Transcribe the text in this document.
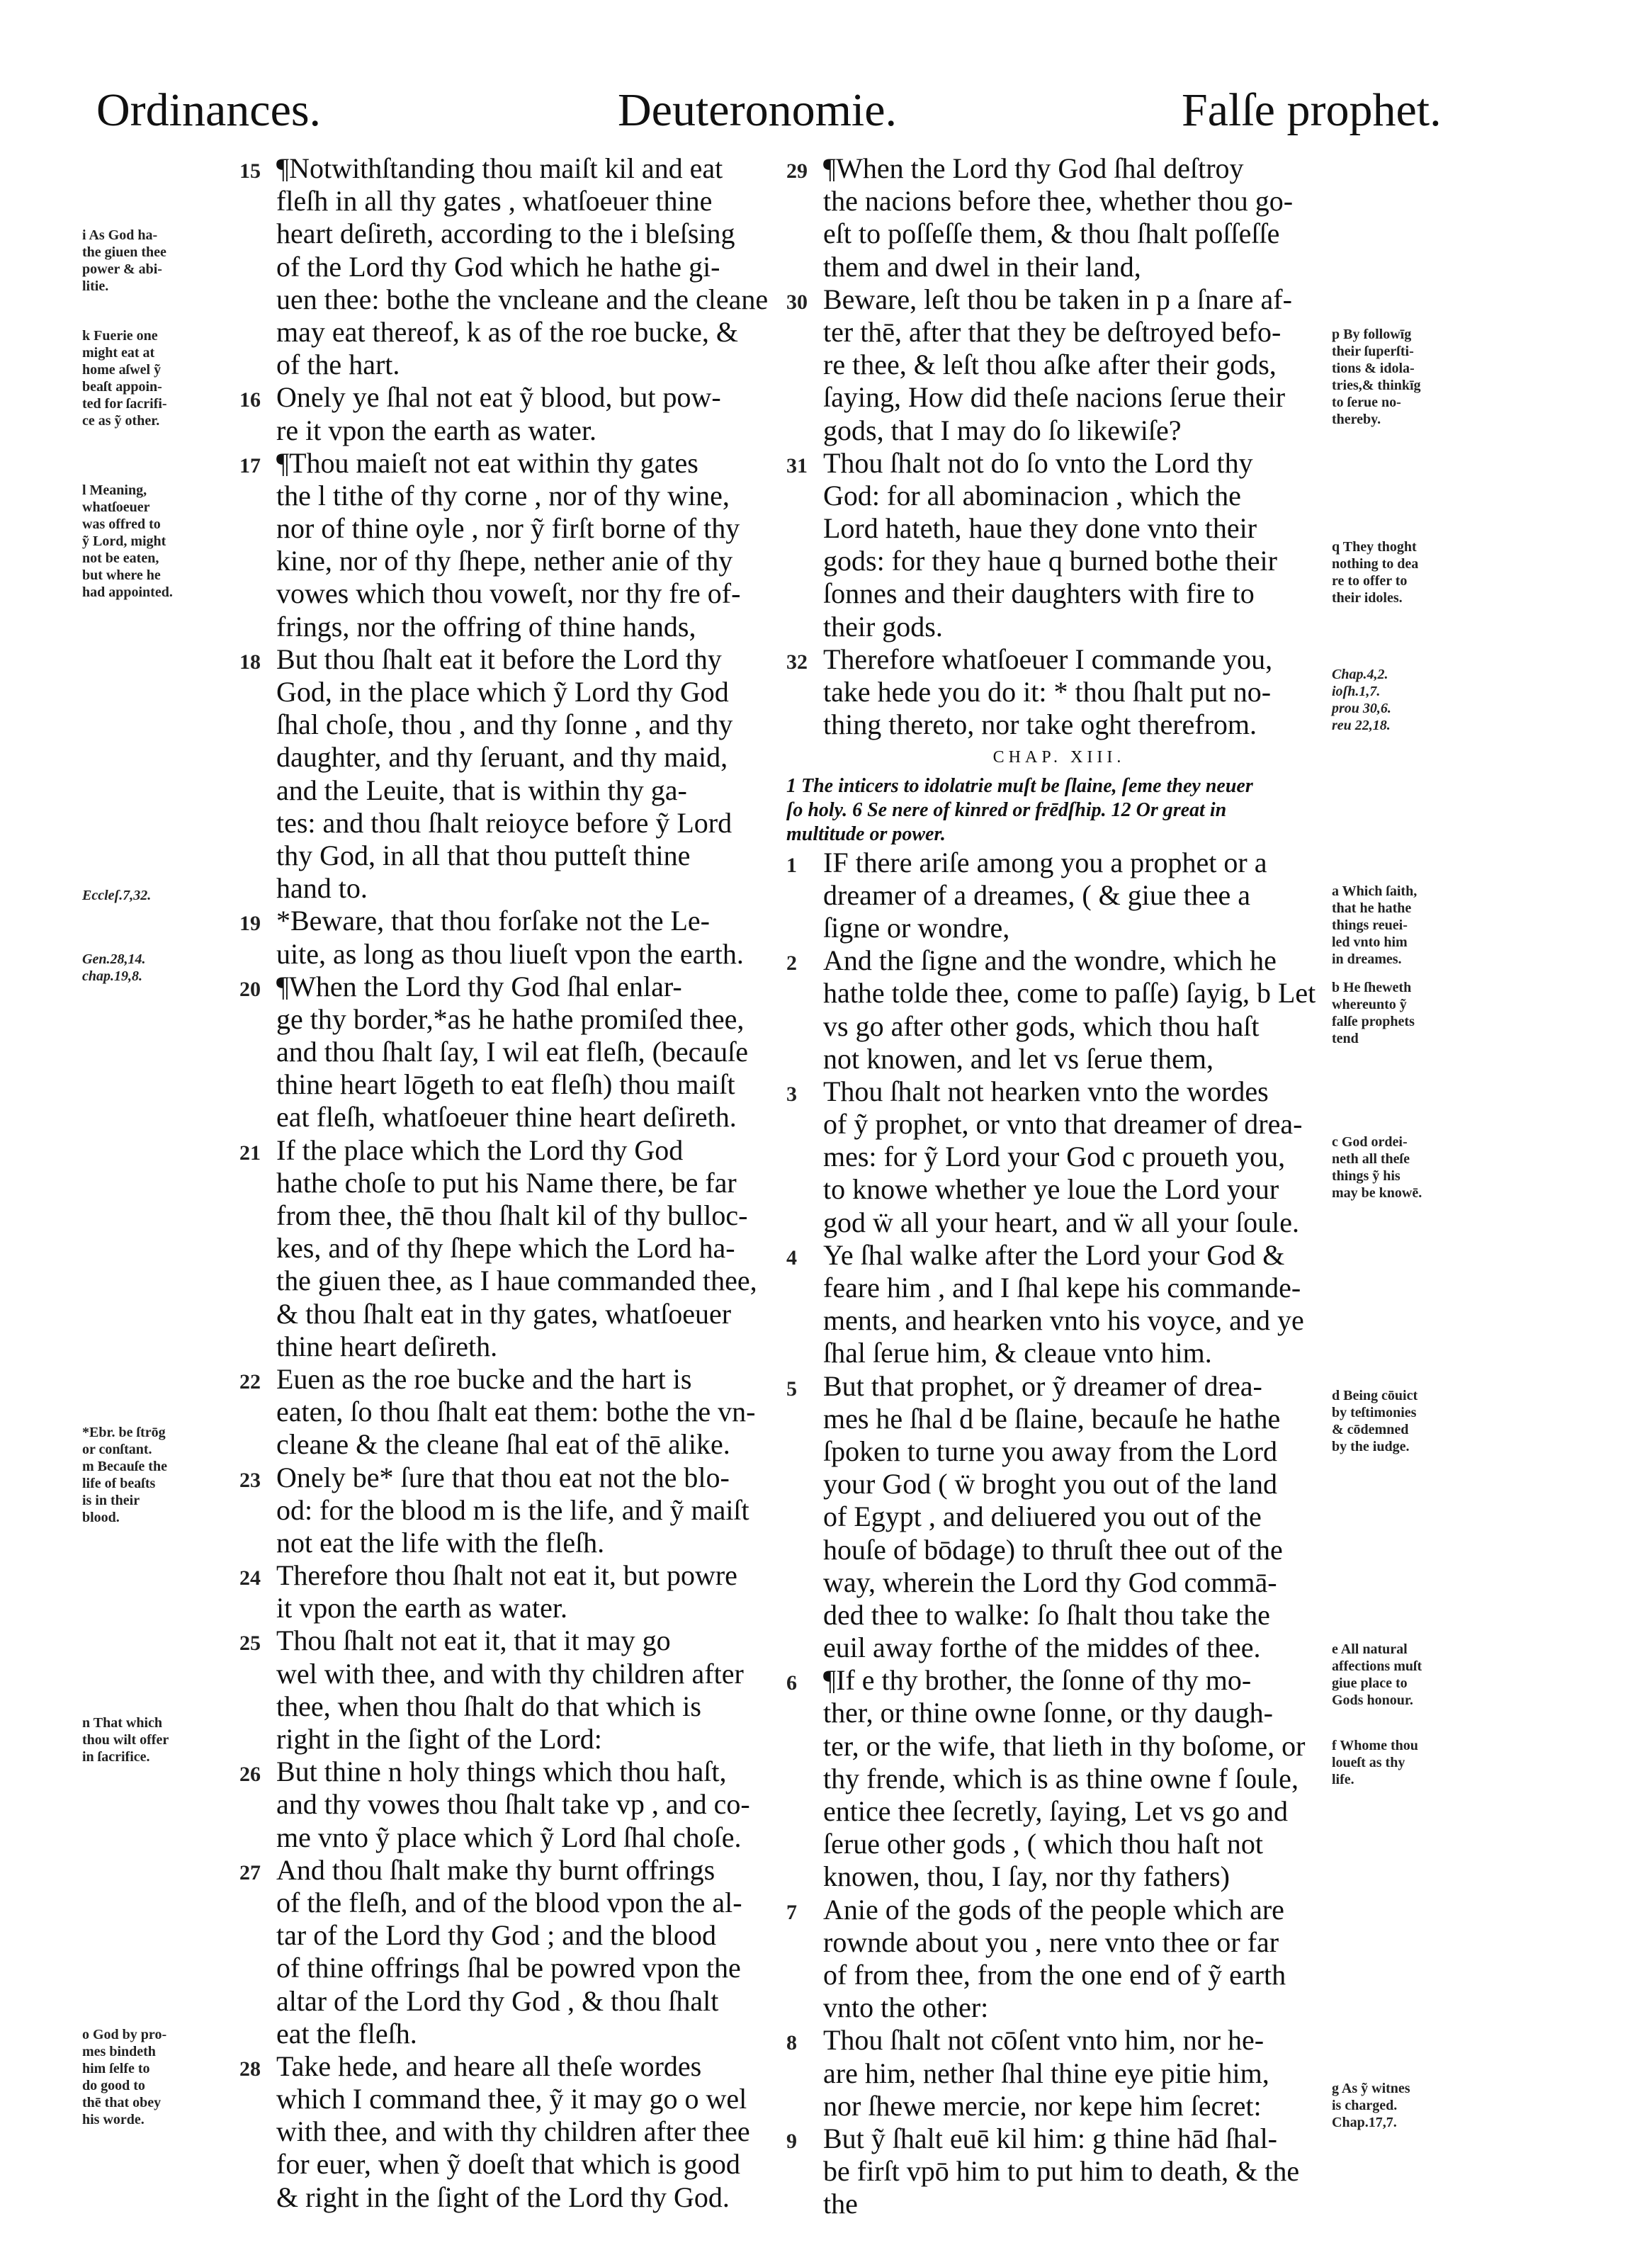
Ordinances.	Deuteronomie.	Falſe prophet.
i As God ha-
the giuen thee
power & abi-
litie.
k Fuerie one
might eat at
home aſwel ỹ
beaſt appoin-
ted for ſacrifi-
ce as ỹ other.
l Meaning,
whatſoeuer
was offred to
ỹ Lord, might
not be eaten,
but where he
had appointed.
Eccleſ.7,32.
Gen.28,14.
chap.19,8.
*Ebr. be ſtrōg
or conſtant.
m Becauſe the
life of beaſts
is in their
blood.
n That which
thou wilt offer
in ſacrifice.
o God by pro-
mes bindeth
him ſelfe to
do good to
thē that obey
his worde.
p By followīg
their ſuperſti-
tions & idola-
tries,& thinkīg
to ſerue no-
thereby.
q They thoght
nothing to dea
re to offer to
their idoles.
Chap.4,2.
ioſh.1,7.
prou 30,6.
reu 22,18.
a Which ſaith,
that he hathe
things reuei-
led vnto him
in dreames.
b He ſheweth
whereunto ỹ
falſe prophets
tend
c God ordei-
neth all theſe
things ỹ his
may be knowē.
d Being cōuict
by teſtimonies
& cōdemned
by the iudge.
e All natural
affections muſt
giue place to
Gods honour.
f Whome thou
loueſt as thy
life.
g As ỹ witnes
is charged.
Chap.17,7.
15 ¶Notwithſtanding thou maiſt kil and eat
fleſh in all thy gates , whatſoeuer thine
heart deſireth, according to the i bleſsing
of the Lord thy God which he hathe gi-
uen thee: bothe the vncleane and the cleane
may eat thereof, k as of the roe bucke, &
of the hart.
16 Onely ye ſhal not eat ỹ blood, but pow-
re it vpon the earth as water.
17 ¶Thou maieſt not eat within thy gates
the l tithe of thy corne , nor of thy wine,
nor of thine oyle , nor ỹ firſt borne of thy
kine, nor of thy ſhepe, nether anie of thy
vowes which thou voweſt, nor thy fre of-
frings, nor the offring of thine hands,
18 But thou ſhalt eat it before the Lord thy
God, in the place which ỹ Lord thy God
ſhal choſe, thou , and thy ſonne , and thy
daughter, and thy ſeruant, and thy maid,
and the Leuite, that is within thy ga-
tes: and thou ſhalt reioyce before ỹ Lord
thy God, in all that thou putteſt thine
hand to.
19 *Beware, that thou forſake not the Le-
uite, as long as thou liueſt vpon the earth.
20 ¶When the Lord thy God ſhal enlar-
ge thy border,*as he hathe promiſed thee,
and thou ſhalt ſay, I wil eat fleſh, (becauſe
thine heart lōgeth to eat fleſh) thou maiſt
eat fleſh, whatſoeuer thine heart deſireth.
21 If the place which the Lord thy God
hathe choſe to put his Name there, be far
from thee, thē thou ſhalt kil of thy bulloc-
kes, and of thy ſhepe which the Lord ha-
the giuen thee, as I haue commanded thee,
& thou ſhalt eat in thy gates, whatſoeuer
thine heart deſireth.
22 Euen as the roe bucke and the hart is
eaten, ſo thou ſhalt eat them: bothe the vn-
cleane & the cleane ſhal eat of thē alike.
23 Onely be* ſure that thou eat not the blo-
od: for the blood m is the life, and ỹ maiſt
not eat the life with the fleſh.
24 Therefore thou ſhalt not eat it, but powre
it vpon the earth as water.
25 Thou ſhalt not eat it, that it may go
wel with thee, and with thy children after
thee, when thou ſhalt do that which is
right in the ſight of the Lord:
26 But thine n holy things which thou haſt,
and thy vowes thou ſhalt take vp , and co-
me vnto ỹ place which ỹ Lord ſhal choſe.
27 And thou ſhalt make thy burnt offrings
of the fleſh, and of the blood vpon the al-
tar of the Lord thy God ; and the blood
of thine offrings ſhal be powred vpon the
altar of the Lord thy God , & thou ſhalt
eat the fleſh.
28 Take hede, and heare all theſe wordes
which I command thee, ỹ it may go o wel
with thee, and with thy children after thee
for euer, when ỹ doeſt that which is good
& right in the ſight of the Lord thy God.
29 ¶When the Lord thy God ſhal deſtroy
the nacions before thee, whether thou go-
eſt to poſſeſſe them, & thou ſhalt poſſeſſe
them and dwel in their land,
30 Beware, leſt thou be taken in p a ſnare af-
ter thē, after that they be deſtroyed befo-
re thee, & leſt thou aſke after their gods,
ſaying, How did theſe nacions ſerue their
gods, that I may do ſo likewiſe?
31 Thou ſhalt not do ſo vnto the Lord thy
God: for all abominacion , which the
Lord hateth, haue they done vnto their
gods: for they haue q burned bothe their
ſonnes and their daughters with fire to
their gods.
32 Therefore whatſoeuer I commande you,
take hede you do it: * thou ſhalt put no-
thing thereto, nor take oght therefrom.
CHAP. XIII.
1 The inticers to idolatrie muſt be ſlaine, ſeme they neuer
ſo holy. 6 Se nere of kinred or frēdſhip. 12 Or great in
multitude or power.
1 IF there ariſe among you a prophet or a
dreamer of a dreames, ( & giue thee a
ſigne or wondre,
2 And the ſigne and the wondre, which he
hathe tolde thee, come to paſſe) ſayig, b Let
vs go after other gods, which thou haſt
not knowen, and let vs ſerue them,
3 Thou ſhalt not hearken vnto the wordes
of ỹ prophet, or vnto that dreamer of drea-
mes: for ỹ Lord your God c proueth you,
to knowe whether ye loue the Lord your
god ẅ all your heart, and ẅ all your ſoule.
4 Ye ſhal walke after the Lord your God &
feare him , and I ſhal kepe his commande-
ments, and hearken vnto his voyce, and ye
ſhal ſerue him, & cleaue vnto him.
5 But that prophet, or ỹ dreamer of drea-
mes he ſhal d be ſlaine, becauſe he hathe
ſpoken to turne you away from the Lord
your God ( ẅ broght you out of the land
of Egypt , and deliuered you out of the
houſe of bōdage) to thruſt thee out of the
way, wherein the Lord thy God commā-
ded thee to walke: ſo ſhalt thou take the
euil away forthe of the middes of thee.
6 ¶If e thy brother, the ſonne of thy mo-
ther, or thine owne ſonne, or thy daugh-
ter, or the wife, that lieth in thy boſome, or
thy frende, which is as thine owne f ſoule,
entice thee ſecretly, ſaying, Let vs go and
ſerue other gods , ( which thou haſt not
knowen, thou, I ſay, nor thy fathers)
7 Anie of the gods of the people which are
rownde about you , nere vnto thee or far
of from thee, from the one end of ỹ earth
vnto the other:
8 Thou ſhalt not cōſent vnto him, nor he-
are him, nether ſhal thine eye pitie him,
nor ſhewe mercie, nor kepe him ſecret:
9 But ỹ ſhalt euē kil him: g thine hād ſhal-
be firſt vpō him to put him to death, & the
the
